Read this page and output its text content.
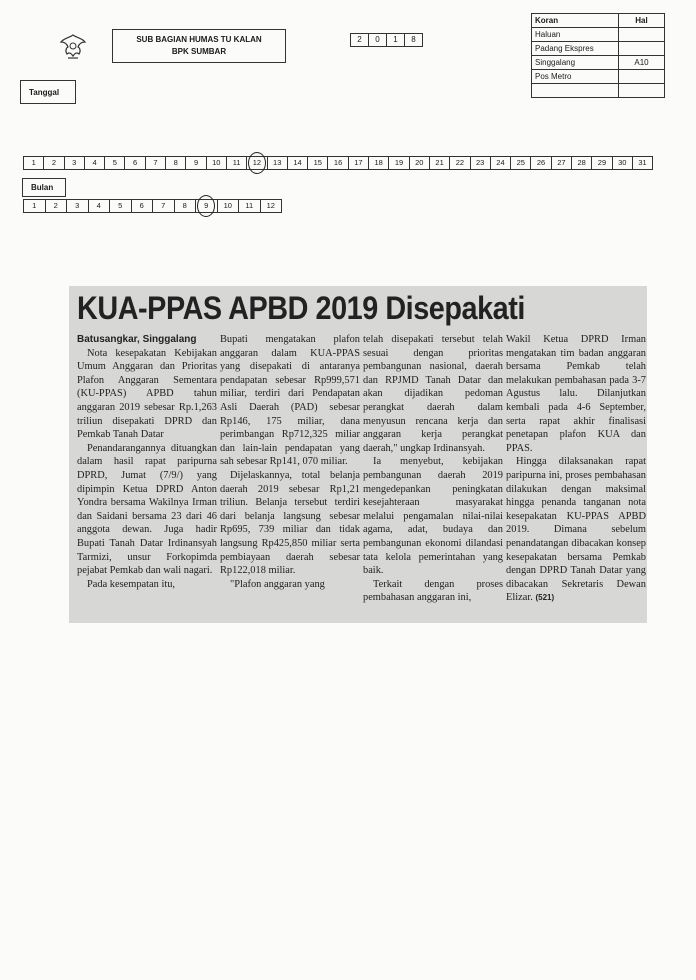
SUB BAGIAN HUMAS TU KALAN
BPK SUMBAR
2	0	1	8
Koran	Hal
Haluan	
Padang Ekspres	
Singgalang	A10
Pos Metro	

Tanggal
1	2	3	4	5	6	7	8	9	10	11	12	13	14	15	16	17	18	19	20	21	22	23	24	25	26	27	28	29	30	31
Bulan
1	2	3	4	5	6	7	8	9	10	11	12
KUA-PPAS APBD 2019 Disepakati

Batusangkar, Singgalang

Nota kesepakatan Kebijakan Umum Anggaran dan Prioritas Plafon Anggaran Sementara (KU-PPAS) APBD tahun anggaran 2019 sebesar Rp.1,263 triliun disepakati DPRD dan Pemkab Tanah Datar

Penandarangannya dituangkan dalam hasil rapat paripurna DPRD, Jumat (7/9/) yang dipimpin Ketua DPRD Anton Yondra bersama Wakilnya Irman dan Saidani bersama 23 dari 46 anggota dewan. Juga hadir Bupati Tanah Datar Irdinansyah Tarmizi, unsur Forkopimda pejabat Pemkab dan wali nagari.

Pada kesempatan itu,

Bupati mengatakan plafon anggaran dalam KUA-PPAS yang disepakati di antaranya pendapatan sebesar Rp999,571 miliar, terdiri dari Pendapatan Asli Daerah (PAD) sebesar Rp146, 175 miliar, dana perimbangan Rp712,325 miliar dan lain-lain pendapatan yang sah sebesar Rp141, 070 miliar.

Dijelaskannya, total belanja daerah 2019 sebesar Rp1,21 triliun. Belanja tersebut terdiri dari belanja langsung sebesar Rp695, 739 miliar dan tidak langsung Rp425,850 miliar serta pembiayaan daerah sebesar Rp122,018 miliar.

"Plafon anggaran yang

telah disepakati tersebut telah sesuai dengan prioritas pembangunan nasional, daerah dan RPJMD Tanah Datar dan akan dijadikan pedoman perangkat daerah dalam menyusun rencana kerja dan anggaran kerja perangkat daerah," ungkap Irdinansyah.

Ia menyebut, kebijakan pembangunan daerah 2019 mengedepankan peningkatan kesejahteraan masyarakat melalui pengamalan nilai-nilai agama, adat, budaya dan pembangunan ekonomi dilandasi tata kelola pemerintahan yang baik.

Terkait dengan proses pembahasan anggaran ini,

Wakil Ketua DPRD Irman mengatakan tim badan anggaran bersama Pemkab telah melakukan pembahasan pada 3-7 Agustus lalu. Dilanjutkan kembali pada 4-6 September, serta rapat akhir finalisasi penetapan plafon KUA dan PPAS.

Hingga dilaksanakan rapat paripurna ini, proses pembahasan dilakukan dengan maksimal hingga penanda tanganan nota kesepakatan KU-PPAS APBD 2019. Dimana sebelum penandatangan dibacakan konsep kesepakatan bersama Pemkab dengan DPRD Tanah Datar yang dibacakan Sekretaris Dewan Elizar. (521)
